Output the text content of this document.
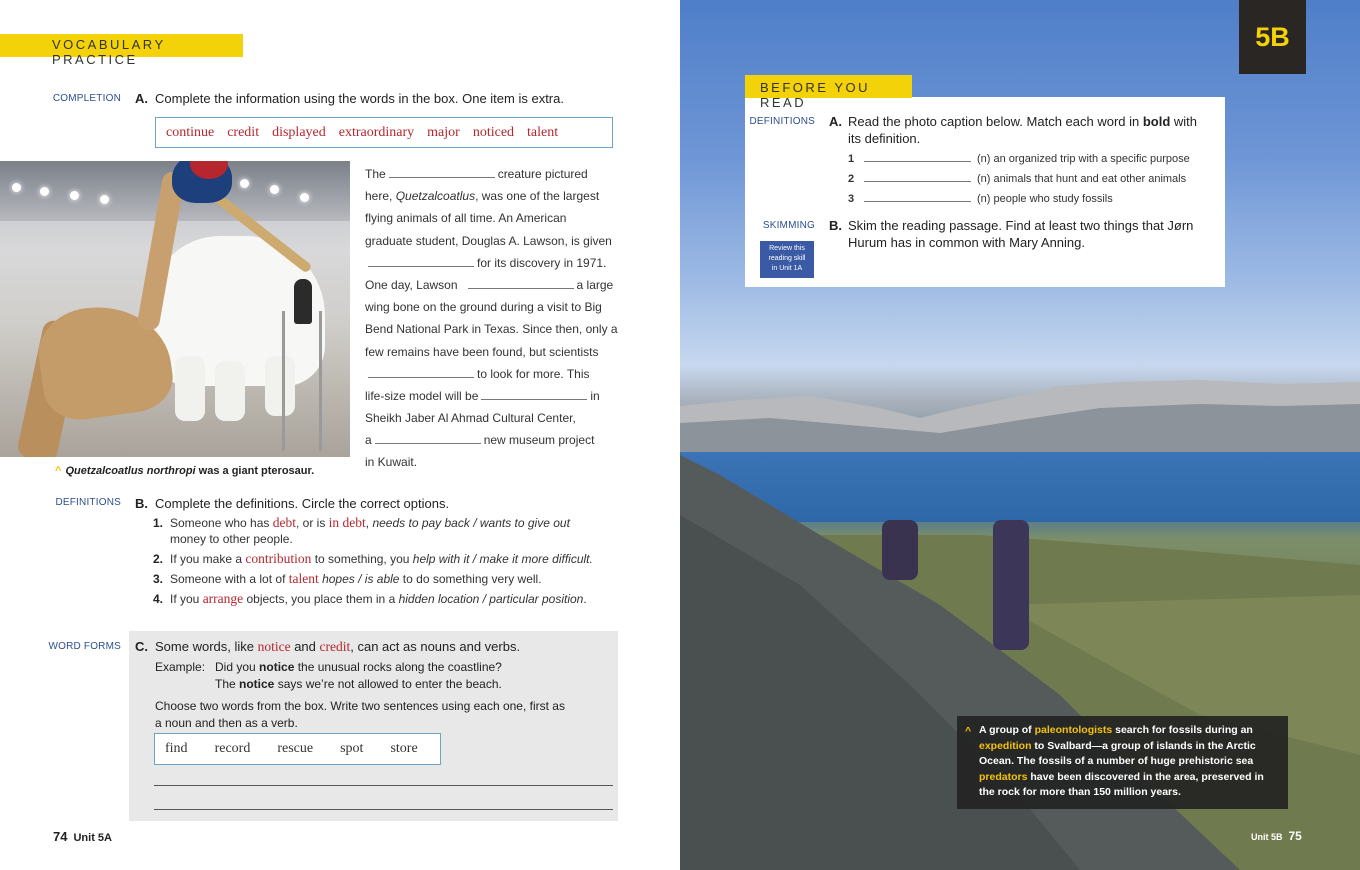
VOCABULARY PRACTICE
COMPLETION A. Complete the information using the words in the box. One item is extra.
continue credit displayed extraordinary major noticed talent
^ Quetzalcoatlus northropi was a giant pterosaur.
The	creature pictured
here, Quetzalcoatlus, was one of the largest
flying animals of all time. An American
graduate student, Douglas A. Lawson, is given
for its discovery in 1971.
One day, Lawson	a large
wing bone on the ground during a visit to Big
Bend National Park in Texas. Since then, only a
few remains have been found, but scientists
to look for more. This
life-size model will be	in
Sheikh Jaber Al Ahmad Cultural Center,
a	new museum project
in Kuwait.
DEFINITIONS B. Complete the definitions. Circle the correct options.
1. Someone who has debt, or is in debt, needs to pay back / wants to give out money to other people.
2. If you make a contribution to something, you help with it / make it more difficult.
3. Someone with a lot of talent hopes / is able to do something very well.
4. If you arrange objects, you place them in a hidden location / particular position.
WORD FORMS C. Some words, like notice and credit, can act as nouns and verbs.
Example: Did you notice the unusual rocks along the coastline?
The notice says we’re not allowed to enter the beach.
Choose two words from the box. Write two sentences using each one, first as
a noun and then as a verb.
find record rescue spot store
74 Unit 5A
5B
BEFORE YOU READ
DEFINITIONS A. Read the photo caption below. Match each word in bold with
its definition.
1	(n) an organized trip with a specific purpose
2	(n) animals that hunt and eat other animals
3	(n) people who study fossils
SKIMMING B. Skim the reading passage. Find at least two things that Jørn
Hurum has in common with Mary Anning.
Review this
reading skill
in Unit 1A
^ A group of paleontologists search for fossils during an expedition to Svalbard—a group of islands in the Arctic Ocean. The fossils of a number of huge prehistoric sea predators have been discovered in the area, preserved in the rock for more than 150 million years.
Unit 5B 75
